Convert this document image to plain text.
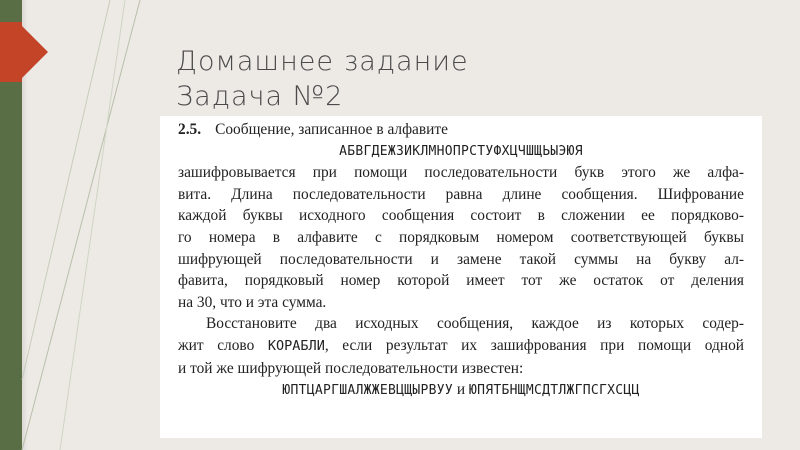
Домашнее задание
Задача №2
2.5. Сообщение, записанное в алфавите
АБВГДЕЖЗИКЛМНОПРСТУФХЦЧШЩЬЫЭЮЯ
зашифровывается при помощи последовательности букв этого же алфа-
вита. Длина последовательности равна длине сообщения. Шифрование
каждой буквы исходного сообщения состоит в сложении ее порядково-
го номера в алфавите с порядковым номером соответствующей буквы
шифрующей последовательности и замене такой суммы на букву ал-
фавита, порядковый номер которой имеет тот же остаток от деления
на 30, что и эта сумма.
Восстановите два исходных сообщения, каждое из которых содер-
жит слово КОРАБЛИ, если результат их зашифрования при помощи одной
и той же шифрующей последовательности известен:
ЮПТЦАРГШАЛЖЖЕВЦЩЫРВУУ и ЮПЯТБНЩМСДТЛЖГПСГХСЦЦ
